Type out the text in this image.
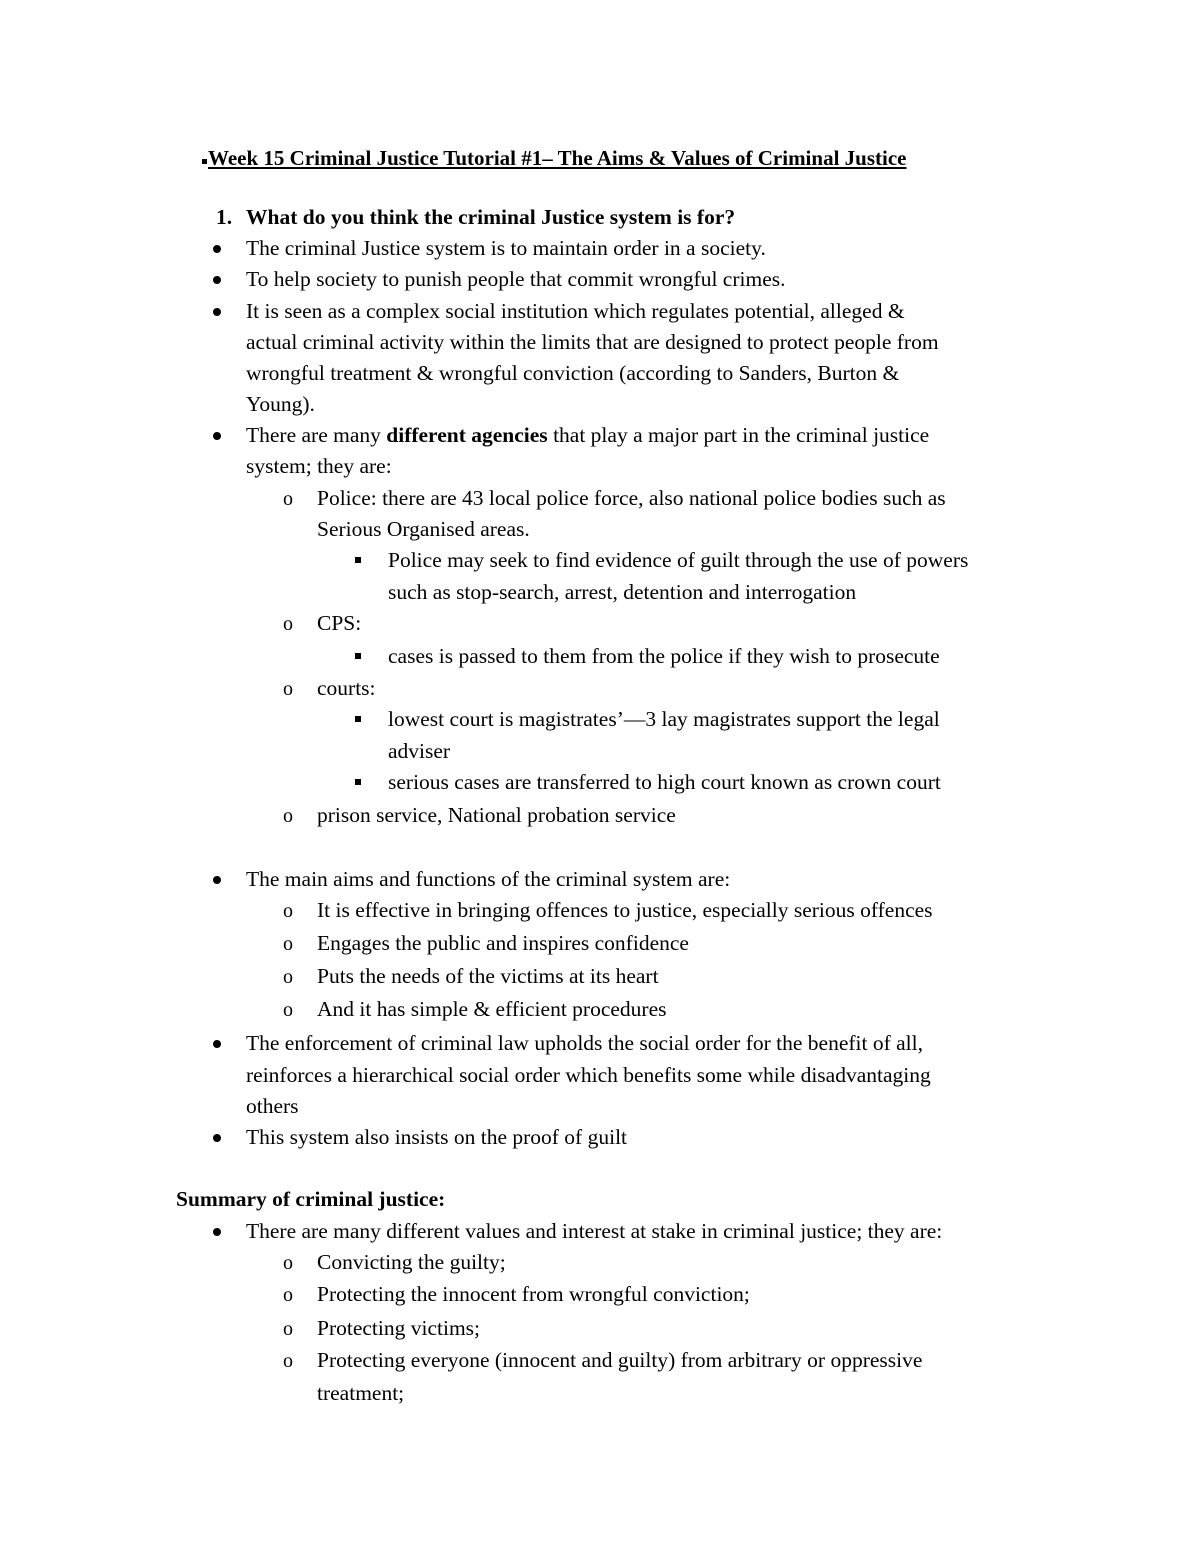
Week 15 Criminal Justice Tutorial #1– The Aims & Values of Criminal Justice
1. What do you think the criminal Justice system is for?
The criminal Justice system is to maintain order in a society.
To help society to punish people that commit wrongful crimes.
It is seen as a complex social institution which regulates potential, alleged &
actual criminal activity within the limits that are designed to protect people from
wrongful treatment & wrongful conviction (according to Sanders, Burton &
Young).
There are many different agencies that play a major part in the criminal justice
system; they are:
o Police: there are 43 local police force, also national police bodies such as
Serious Organised areas.
Police may seek to find evidence of guilt through the use of powers
such as stop-search, arrest, detention and interrogation
o CPS:
cases is passed to them from the police if they wish to prosecute
o courts:
lowest court is magistrates’—3 lay magistrates support the legal
adviser
serious cases are transferred to high court known as crown court
o prison service, National probation service
The main aims and functions of the criminal system are:
o It is effective in bringing offences to justice, especially serious offences
o Engages the public and inspires confidence
o Puts the needs of the victims at its heart
o And it has simple & efficient procedures
The enforcement of criminal law upholds the social order for the benefit of all,
reinforces a hierarchical social order which benefits some while disadvantaging
others
This system also insists on the proof of guilt
Summary of criminal justice:
There are many different values and interest at stake in criminal justice; they are:
o Convicting the guilty;
o Protecting the innocent from wrongful conviction;
o Protecting victims;
o Protecting everyone (innocent and guilty) from arbitrary or oppressive
treatment;
